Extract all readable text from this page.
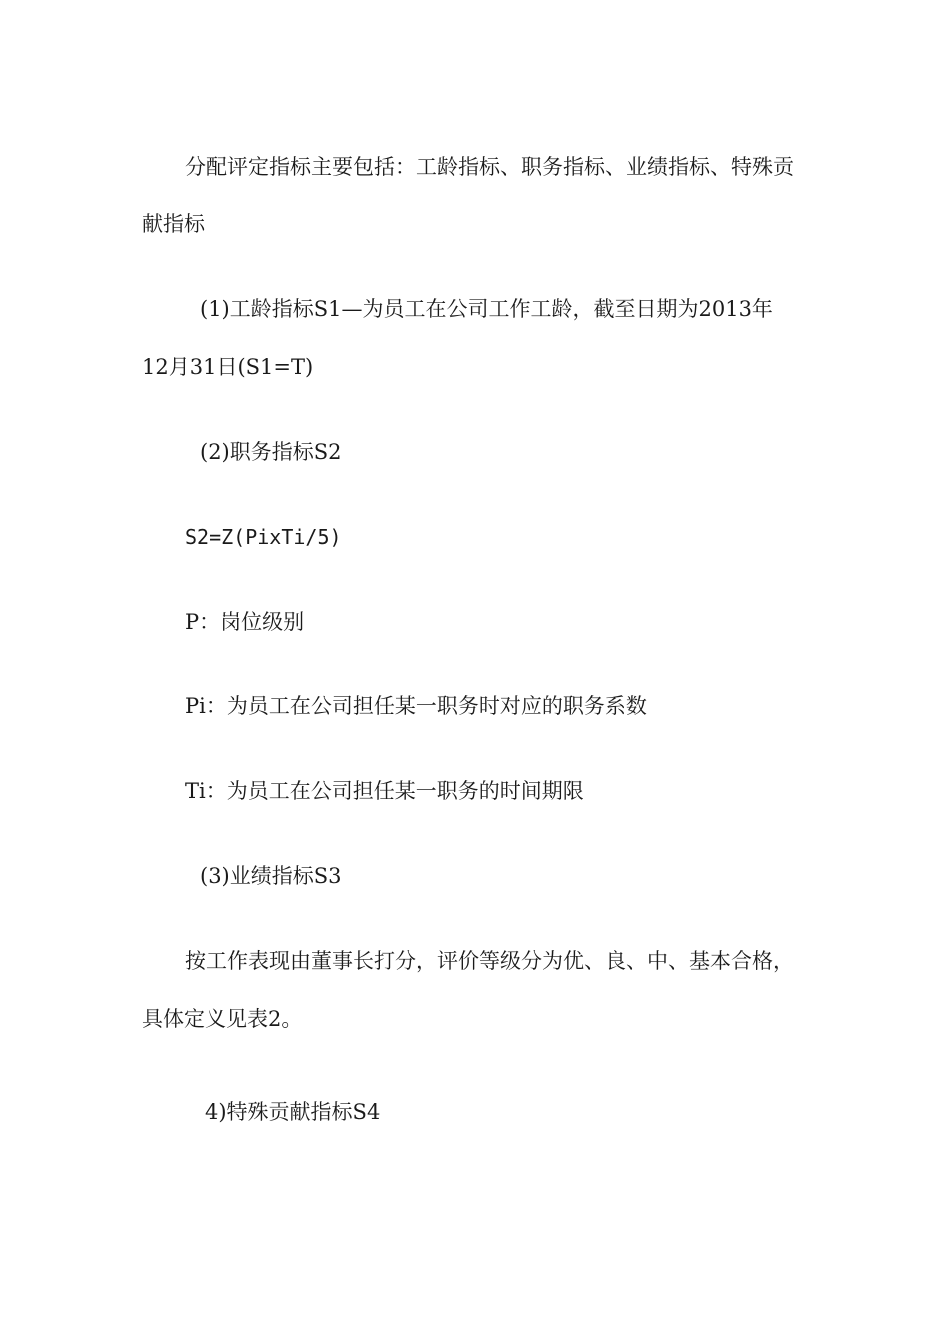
分配评定指标主要包括：工龄指标、职务指标、业绩指标、特殊贡
献指标
(1)工龄指标S1—为员工在公司工作工龄，截至日期为2013年
12月31日(S1=T)
(2)职务指标S2
S2=Z(PixTi/5)
P：岗位级别
Pi：为员工在公司担任某一职务时对应的职务系数
Ti：为员工在公司担任某一职务的时间期限
(3)业绩指标S3
按工作表现由董事长打分，评价等级分为优、良、中、基本合格，
具体定义见表2。
4)特殊贡献指标S4
